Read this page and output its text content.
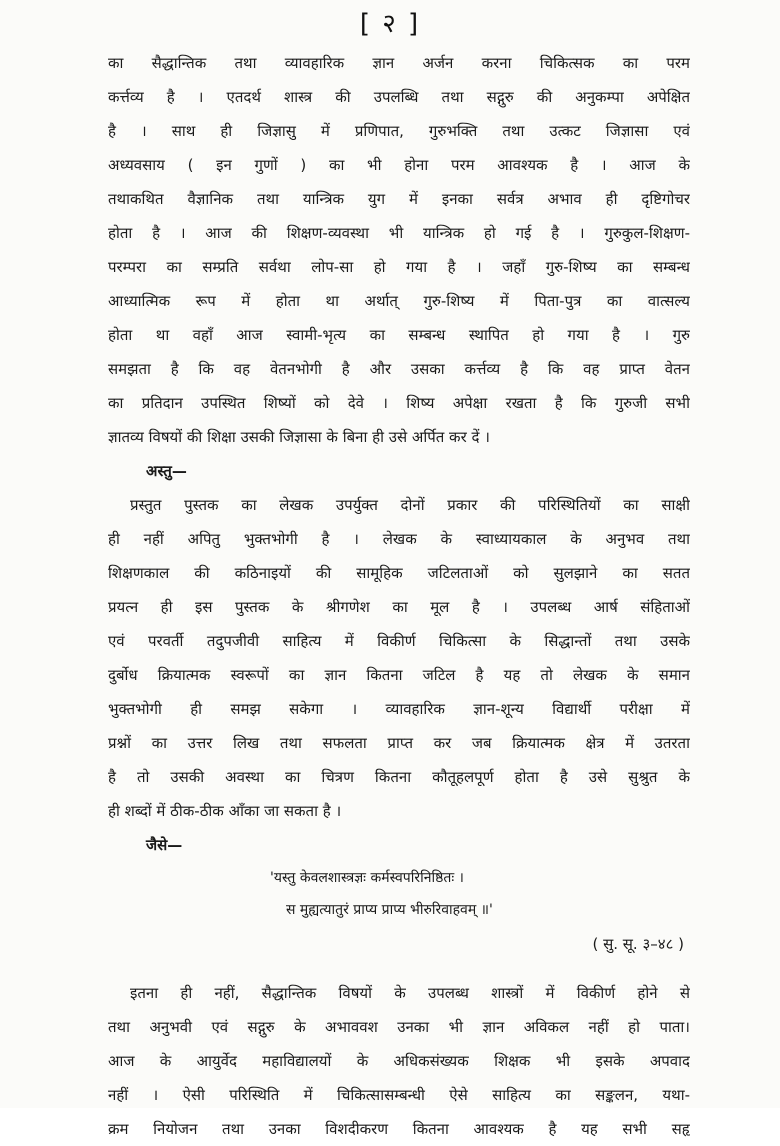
[ २ ]
का सैद्धान्तिक तथा व्यावहारिक ज्ञान अर्जन करना चिकित्सक का परम
कर्त्तव्य है । एतदर्थ शास्त्र की उपलब्धि तथा सद्गुरु की अनुकम्पा अपेक्षित
है । साथ ही जिज्ञासु में प्रणिपात, गुरुभक्ति तथा उत्कट जिज्ञासा एवं
अध्यवसाय ( इन गुणों ) का भी होना परम आवश्यक है । आज के
तथाकथित वैज्ञानिक तथा यान्त्रिक युग में इनका सर्वत्र अभाव ही दृष्टिगोचर
होता है । आज की शिक्षण-व्यवस्था भी यान्त्रिक हो गई है । गुरुकुल-शिक्षण-
परम्परा का सम्प्रति सर्वथा लोप-सा हो गया है । जहाँ गुरु-शिष्य का सम्बन्ध
आध्यात्मिक रूप में होता था अर्थात् गुरु-शिष्य में पिता-पुत्र का वात्सल्य
होता था वहाँ आज स्वामी-भृत्य का सम्बन्ध स्थापित हो गया है । गुरु
समझता है कि वह वेतनभोगी है और उसका कर्त्तव्य है कि वह प्राप्त वेतन
का प्रतिदान उपस्थित शिष्यों को देवे । शिष्य अपेक्षा रखता है कि गुरुजी सभी
ज्ञातव्य विषयों की शिक्षा उसकी जिज्ञासा के बिना ही उसे अर्पित कर दें ।
अस्तु—
प्रस्तुत पुस्तक का लेखक उपर्युक्त दोनों प्रकार की परिस्थितियों का साक्षी
ही नहीं अपितु भुक्तभोगी है । लेखक के स्वाध्यायकाल के अनुभव तथा
शिक्षणकाल की कठिनाइयों की सामूहिक जटिलताओं को सुलझाने का सतत
प्रयत्न ही इस पुस्तक के श्रीगणेश का मूल है । उपलब्ध आर्ष संहिताओं
एवं परवर्ती तदुपजीवी साहित्य में विकीर्ण चिकित्सा के सिद्धान्तों तथा उसके
दुर्बोध क्रियात्मक स्वरूपों का ज्ञान कितना जटिल है यह तो लेखक के समान
भुक्तभोगी ही समझ सकेगा । व्यावहारिक ज्ञान-शून्य विद्यार्थी परीक्षा में
प्रश्नों का उत्तर लिख तथा सफलता प्राप्त कर जब क्रियात्मक क्षेत्र में उतरता
है तो उसकी अवस्था का चित्रण कितना कौतूहलपूर्ण होता है उसे सुश्रुत के
ही शब्दों में ठीक-ठीक आँका जा सकता है ।
जैसे—
'यस्तु केवलशास्त्रज्ञः कर्मस्वपरिनिष्ठितः ।
स मुह्यत्यातुरं प्राप्य प्राप्य भीरुरिवाहवम् ॥'
( सु. सू. ३–४८ )
इतना ही नहीं, सैद्धान्तिक विषयों के उपलब्ध शास्त्रों में विकीर्ण होने से
तथा अनुभवी एवं सद्गुरु के अभाववश उनका भी ज्ञान अविकल नहीं हो पाता।
आज के आयुर्वेद महाविद्यालयों के अधिकसंख्यक शिक्षक भी इसके अपवाद
नहीं । ऐसी परिस्थिति में चिकित्सासम्बन्धी ऐसे साहित्य का सङ्कलन, यथा-
क्रम नियोजन तथा उनका विशदीकरण कितना आवश्यक है यह सभी सहृ
